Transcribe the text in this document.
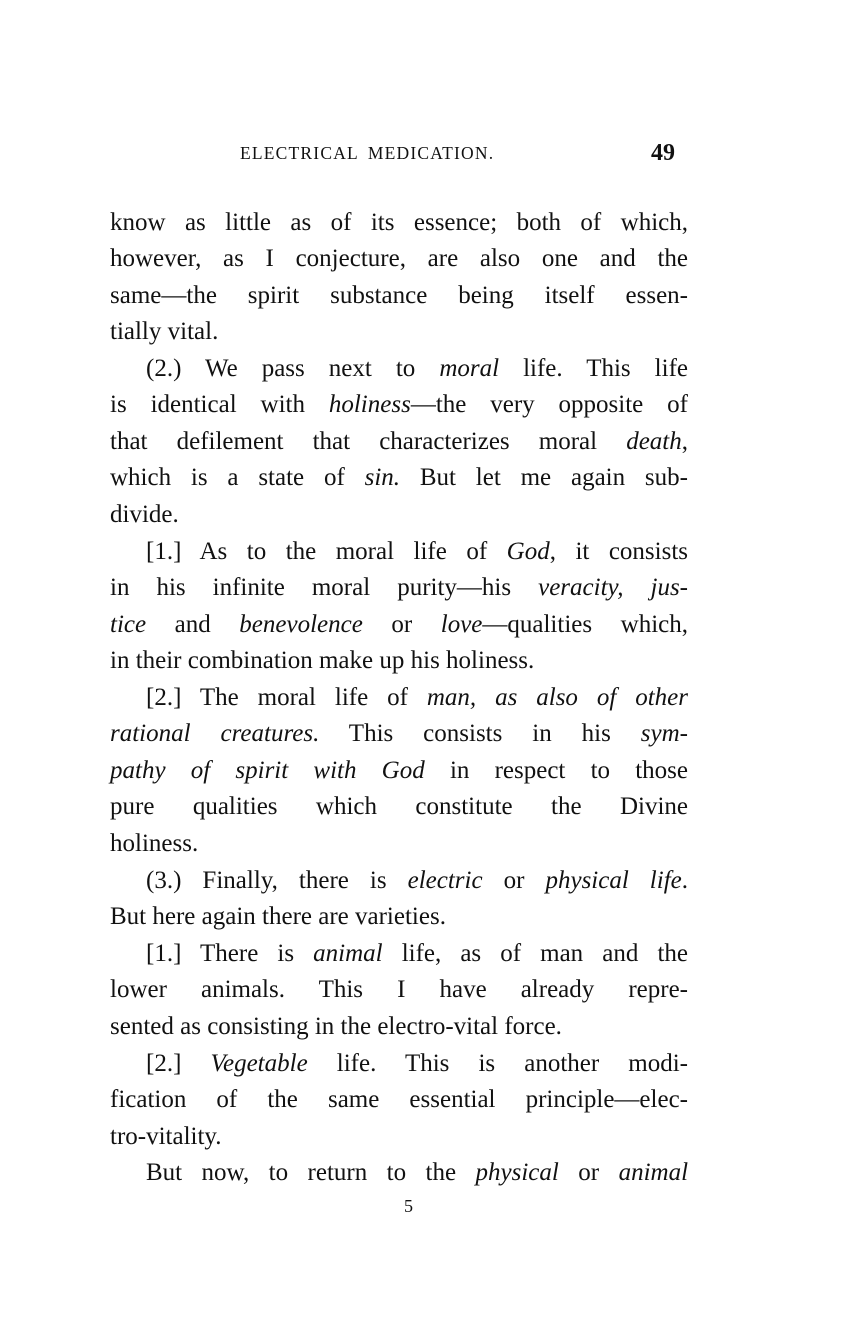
ELECTRICAL MEDICATION.	49
know as little as of its essence; both of which,
however, as I conjecture, are also one and the
same—the spirit substance being itself essen-
tially vital.
(2.) We pass next to moral life. This life
is identical with holiness—the very opposite of
that defilement that characterizes moral death,
which is a state of sin. But let me again sub-
divide.
[1.] As to the moral life of God, it consists
in his infinite moral purity—his veracity, jus-
tice and benevolence or love—qualities which,
in their combination make up his holiness.
[2.] The moral life of man, as also of other
rational creatures. This consists in his sym-
pathy of spirit with God in respect to those
pure qualities which constitute the Divine
holiness.
(3.) Finally, there is electric or physical life.
But here again there are varieties.
[1.] There is animal life, as of man and the
lower animals. This I have already repre-
sented as consisting in the electro-vital force.
[2.] Vegetable life. This is another modi-
fication of the same essential principle—elec-
tro-vitality.
But now, to return to the physical or animal
5
